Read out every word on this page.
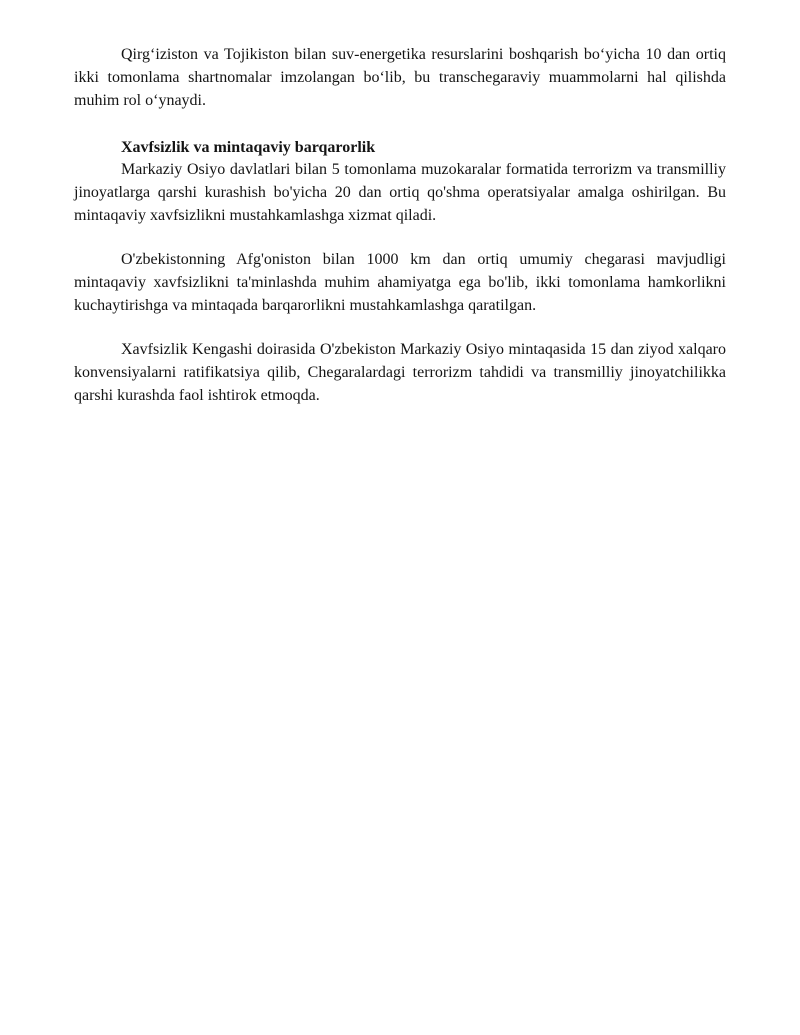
Qirg‘iziston va Tojikiston bilan suv-energetika resurslarini boshqarish bo‘yicha 10 dan ortiq ikki tomonlama shartnomalar imzolangan bo‘lib, bu transchegaraviy muammolarni hal qilishda muhim rol o‘ynaydi.

Xavfsizlik va mintaqaviy barqarorlik

Markaziy Osiyo davlatlari bilan 5 tomonlama muzokaralar formatida terrorizm va transmilliy jinoyatlarga qarshi kurashish bo'yicha 20 dan ortiq qo'shma operatsiyalar amalga oshirilgan. Bu mintaqaviy xavfsizlikni mustahkamlashga xizmat qiladi.

O'zbekistonning Afg'oniston bilan 1000 km dan ortiq umumiy chegarasi mavjudligi mintaqaviy xavfsizlikni ta'minlashda muhim ahamiyatga ega bo'lib, ikki tomonlama hamkorlikni kuchaytirishga va mintaqada barqarorlikni mustahkamlashga qaratilgan.

Xavfsizlik Kengashi doirasida O'zbekiston Markaziy Osiyo mintaqasida 15 dan ziyod xalqaro konvensiyalarni ratifikatsiya qilib, Chegaralardagi terrorizm tahdidi va transmilliy jinoyatchilikka qarshi kurashda faol ishtirok etmoqda.
